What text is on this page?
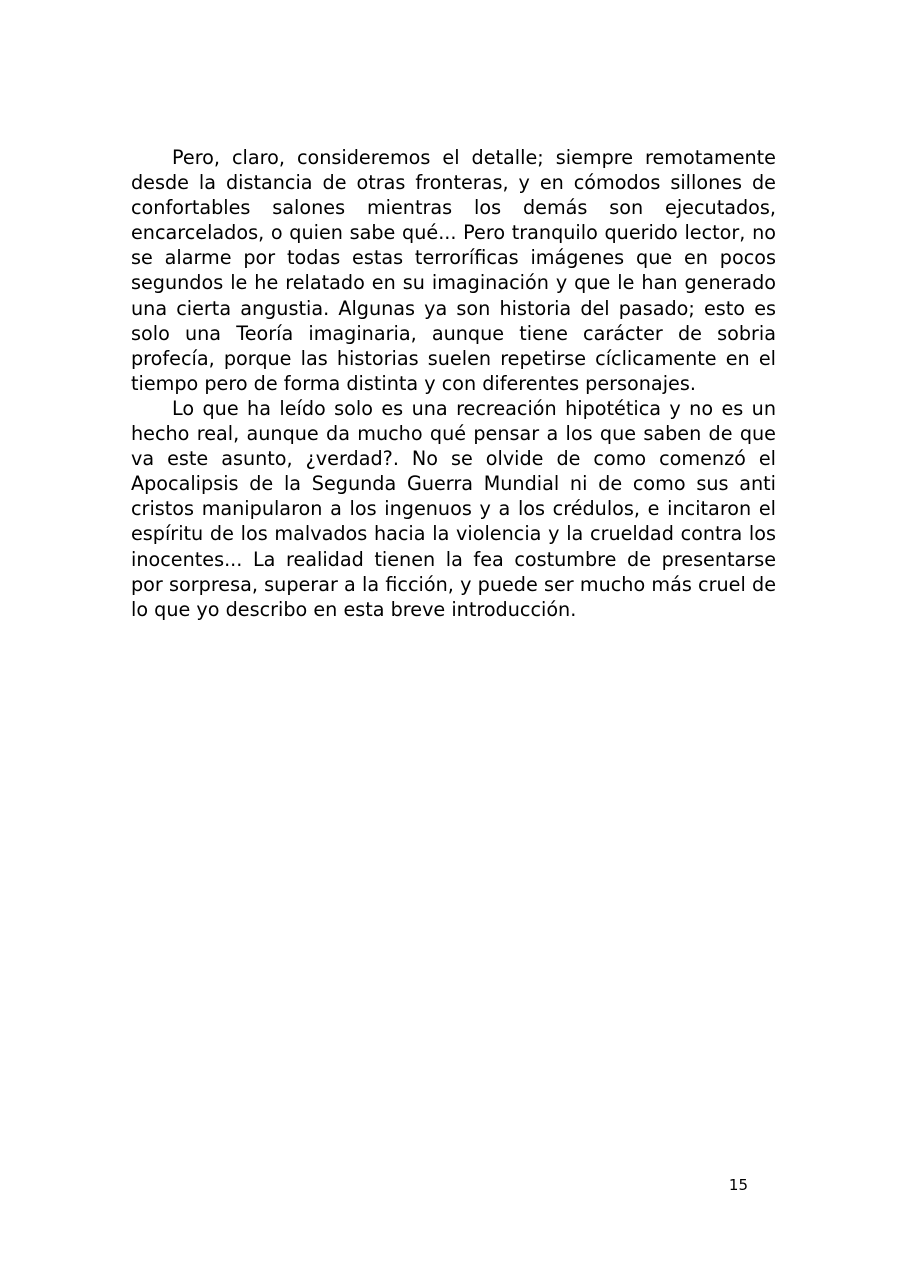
Pero, claro, consideremos el detalle; siempre remotamente desde la distancia de otras fronteras, y en cómodos sillones de confortables salones mientras los demás son ejecutados, encarcelados, o quien sabe qué... Pero tranquilo querido lector, no se alarme por todas estas terroríficas imágenes que en pocos segundos le he relatado en su imaginación y que le han generado una cierta angustia. Algunas ya son historia del pasado; esto es solo una Teoría imaginaria, aunque tiene carácter de sobria profecía, porque las historias suelen repetirse cíclicamente en el tiempo pero de forma distinta y con diferentes personajes.

Lo que ha leído solo es una recreación hipotética y no es un hecho real, aunque da mucho qué pensar a los que saben de que va este asunto, ¿verdad?. No se olvide de como comenzó el Apocalipsis de la Segunda Guerra Mundial ni de como sus anti cristos manipularon a los ingenuos y a los crédulos, e incitaron el espíritu de los malvados hacia la violencia y la crueldad contra los inocentes... La realidad tienen la fea costumbre de presentarse por sorpresa, superar a la ficción, y puede ser mucho más cruel de lo que yo describo en esta breve introducción.

15
